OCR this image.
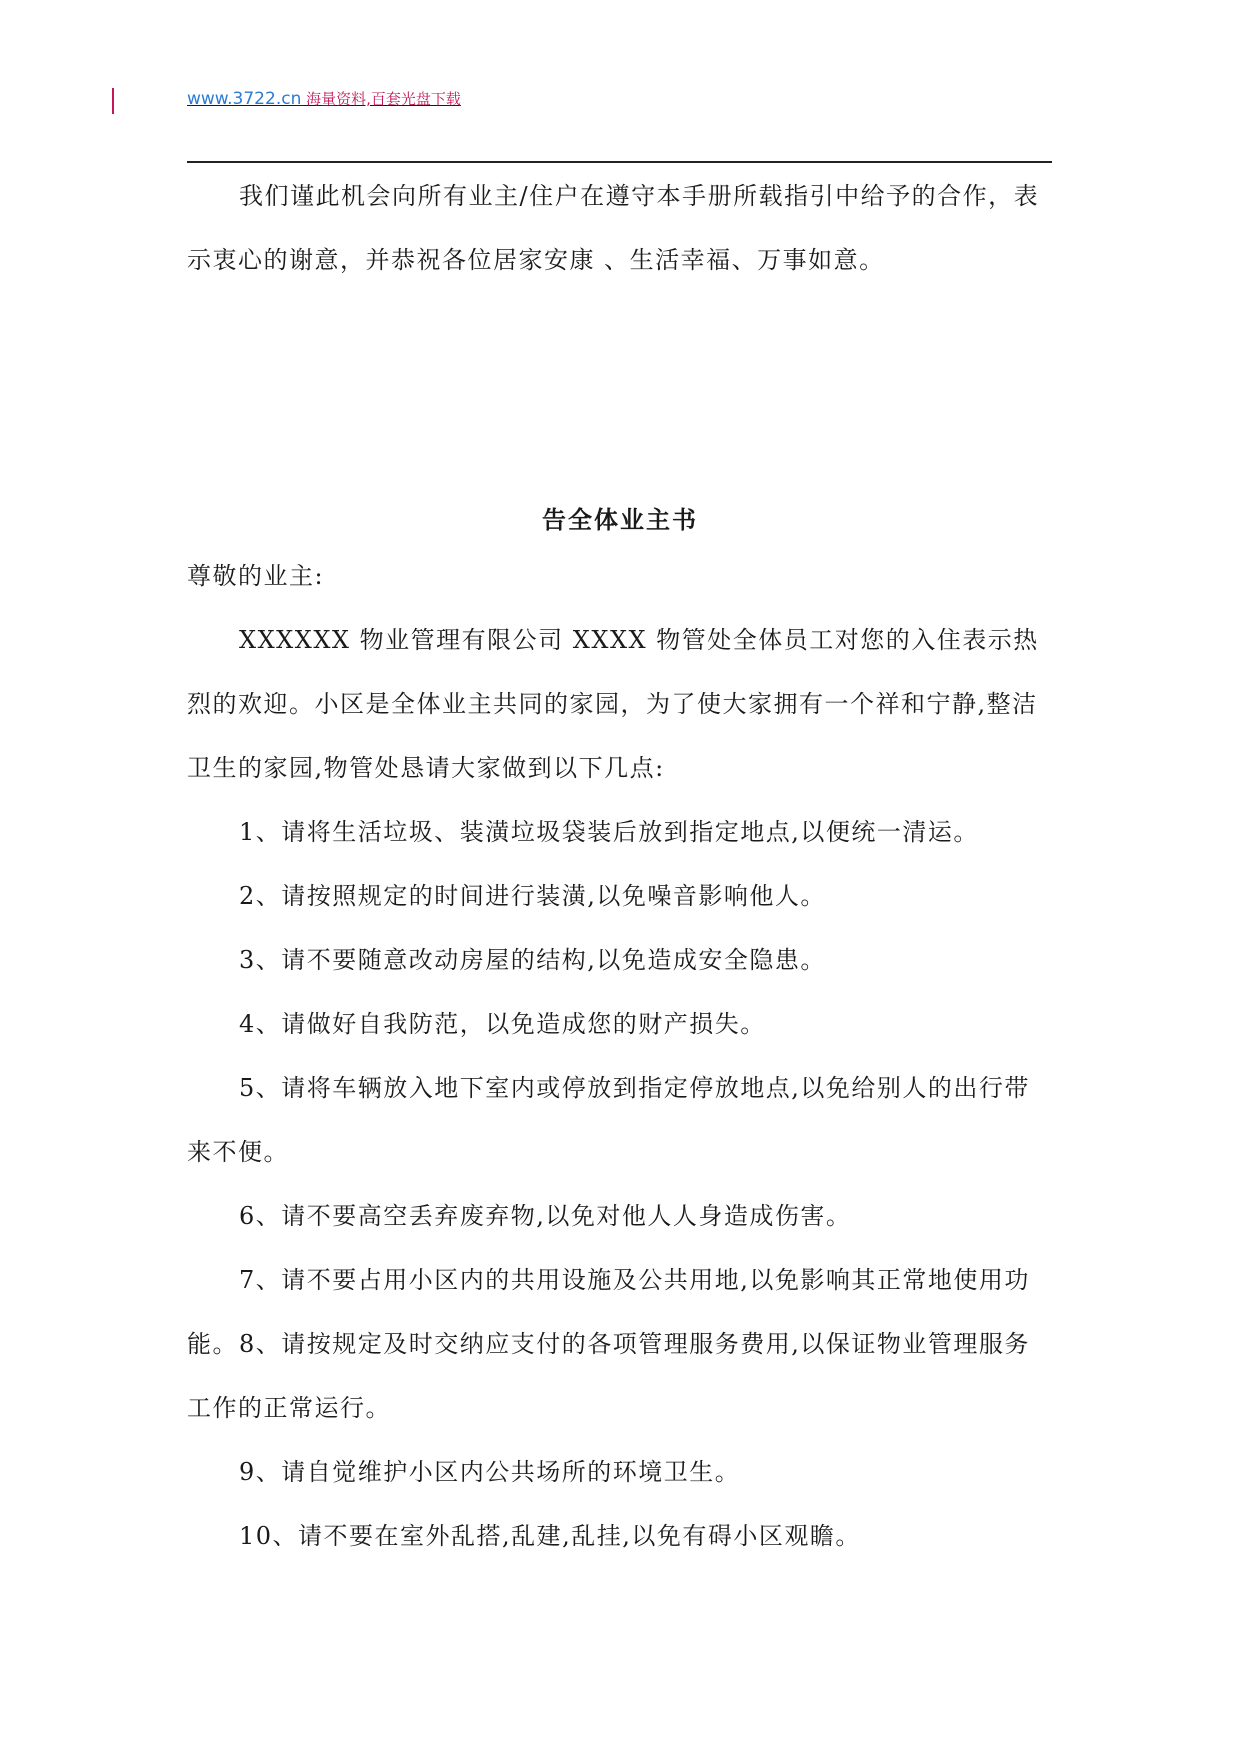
www.3722.cn 海量资料,百套光盘下载

我们谨此机会向所有业主/住户在遵守本手册所载指引中给予的合作，表示衷心的谢意，并恭祝各位居家安康 、生活幸福、万事如意。

告全体业主书

尊敬的业主:

XXXXXX 物业管理有限公司 XXXX 物管处全体员工对您的入住表示热烈的欢迎。小区是全体业主共同的家园，为了使大家拥有一个祥和宁静,整洁卫生的家园,物管处恳请大家做到以下几点:

1、请将生活垃圾、装潢垃圾袋装后放到指定地点,以便统一清运。

2、请按照规定的时间进行装潢,以免噪音影响他人。

3、请不要随意改动房屋的结构,以免造成安全隐患。

4、请做好自我防范，以免造成您的财产损失。

5、请将车辆放入地下室内或停放到指定停放地点,以免给别人的出行带来不便。

6、请不要高空丢弃废弃物,以免对他人人身造成伤害。

7、请不要占用小区内的共用设施及公共用地,以免影响其正常地使用功能。 8、请按规定及时交纳应支付的各项管理服务费用,以保证物业管理服务工作的正常运行。

9、请自觉维护小区内公共场所的环境卫生。

10、请不要在室外乱搭,乱建,乱挂,以免有碍小区观瞻。
